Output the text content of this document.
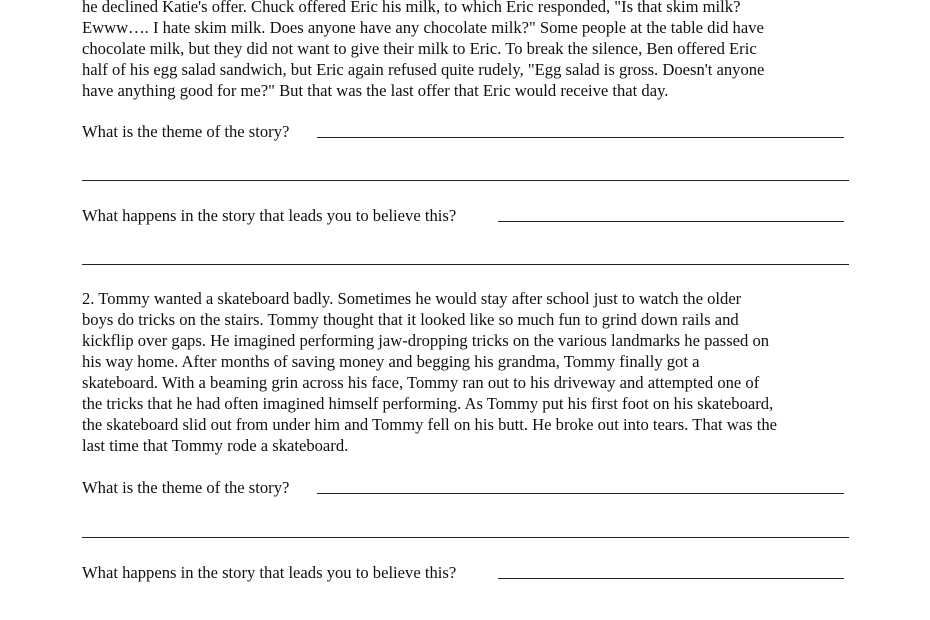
he declined Katie's offer. Chuck offered Eric his milk, to which Eric responded, "Is that skim milk?
Ewww…. I hate skim milk. Does anyone have any chocolate milk?" Some people at the table did have
chocolate milk, but they did not want to give their milk to Eric. To break the silence, Ben offered Eric
half of his egg salad sandwich, but Eric again refused quite rudely, "Egg salad is gross. Doesn't anyone
have anything good for me?" But that was the last offer that Eric would receive that day.

What is the theme of the story?
What happens in the story that leads you to believe this?

2. Tommy wanted a skateboard badly. Sometimes he would stay after school just to watch the older
boys do tricks on the stairs. Tommy thought that it looked like so much fun to grind down rails and
kickflip over gaps. He imagined performing jaw-dropping tricks on the various landmarks he passed on
his way home. After months of saving money and begging his grandma, Tommy finally got a
skateboard. With a beaming grin across his face, Tommy ran out to his driveway and attempted one of
the tricks that he had often imagined himself performing. As Tommy put his first foot on his skateboard,
the skateboard slid out from under him and Tommy fell on his butt. He broke out into tears. That was the
last time that Tommy rode a skateboard.

What is the theme of the story?
What happens in the story that leads you to believe this?
